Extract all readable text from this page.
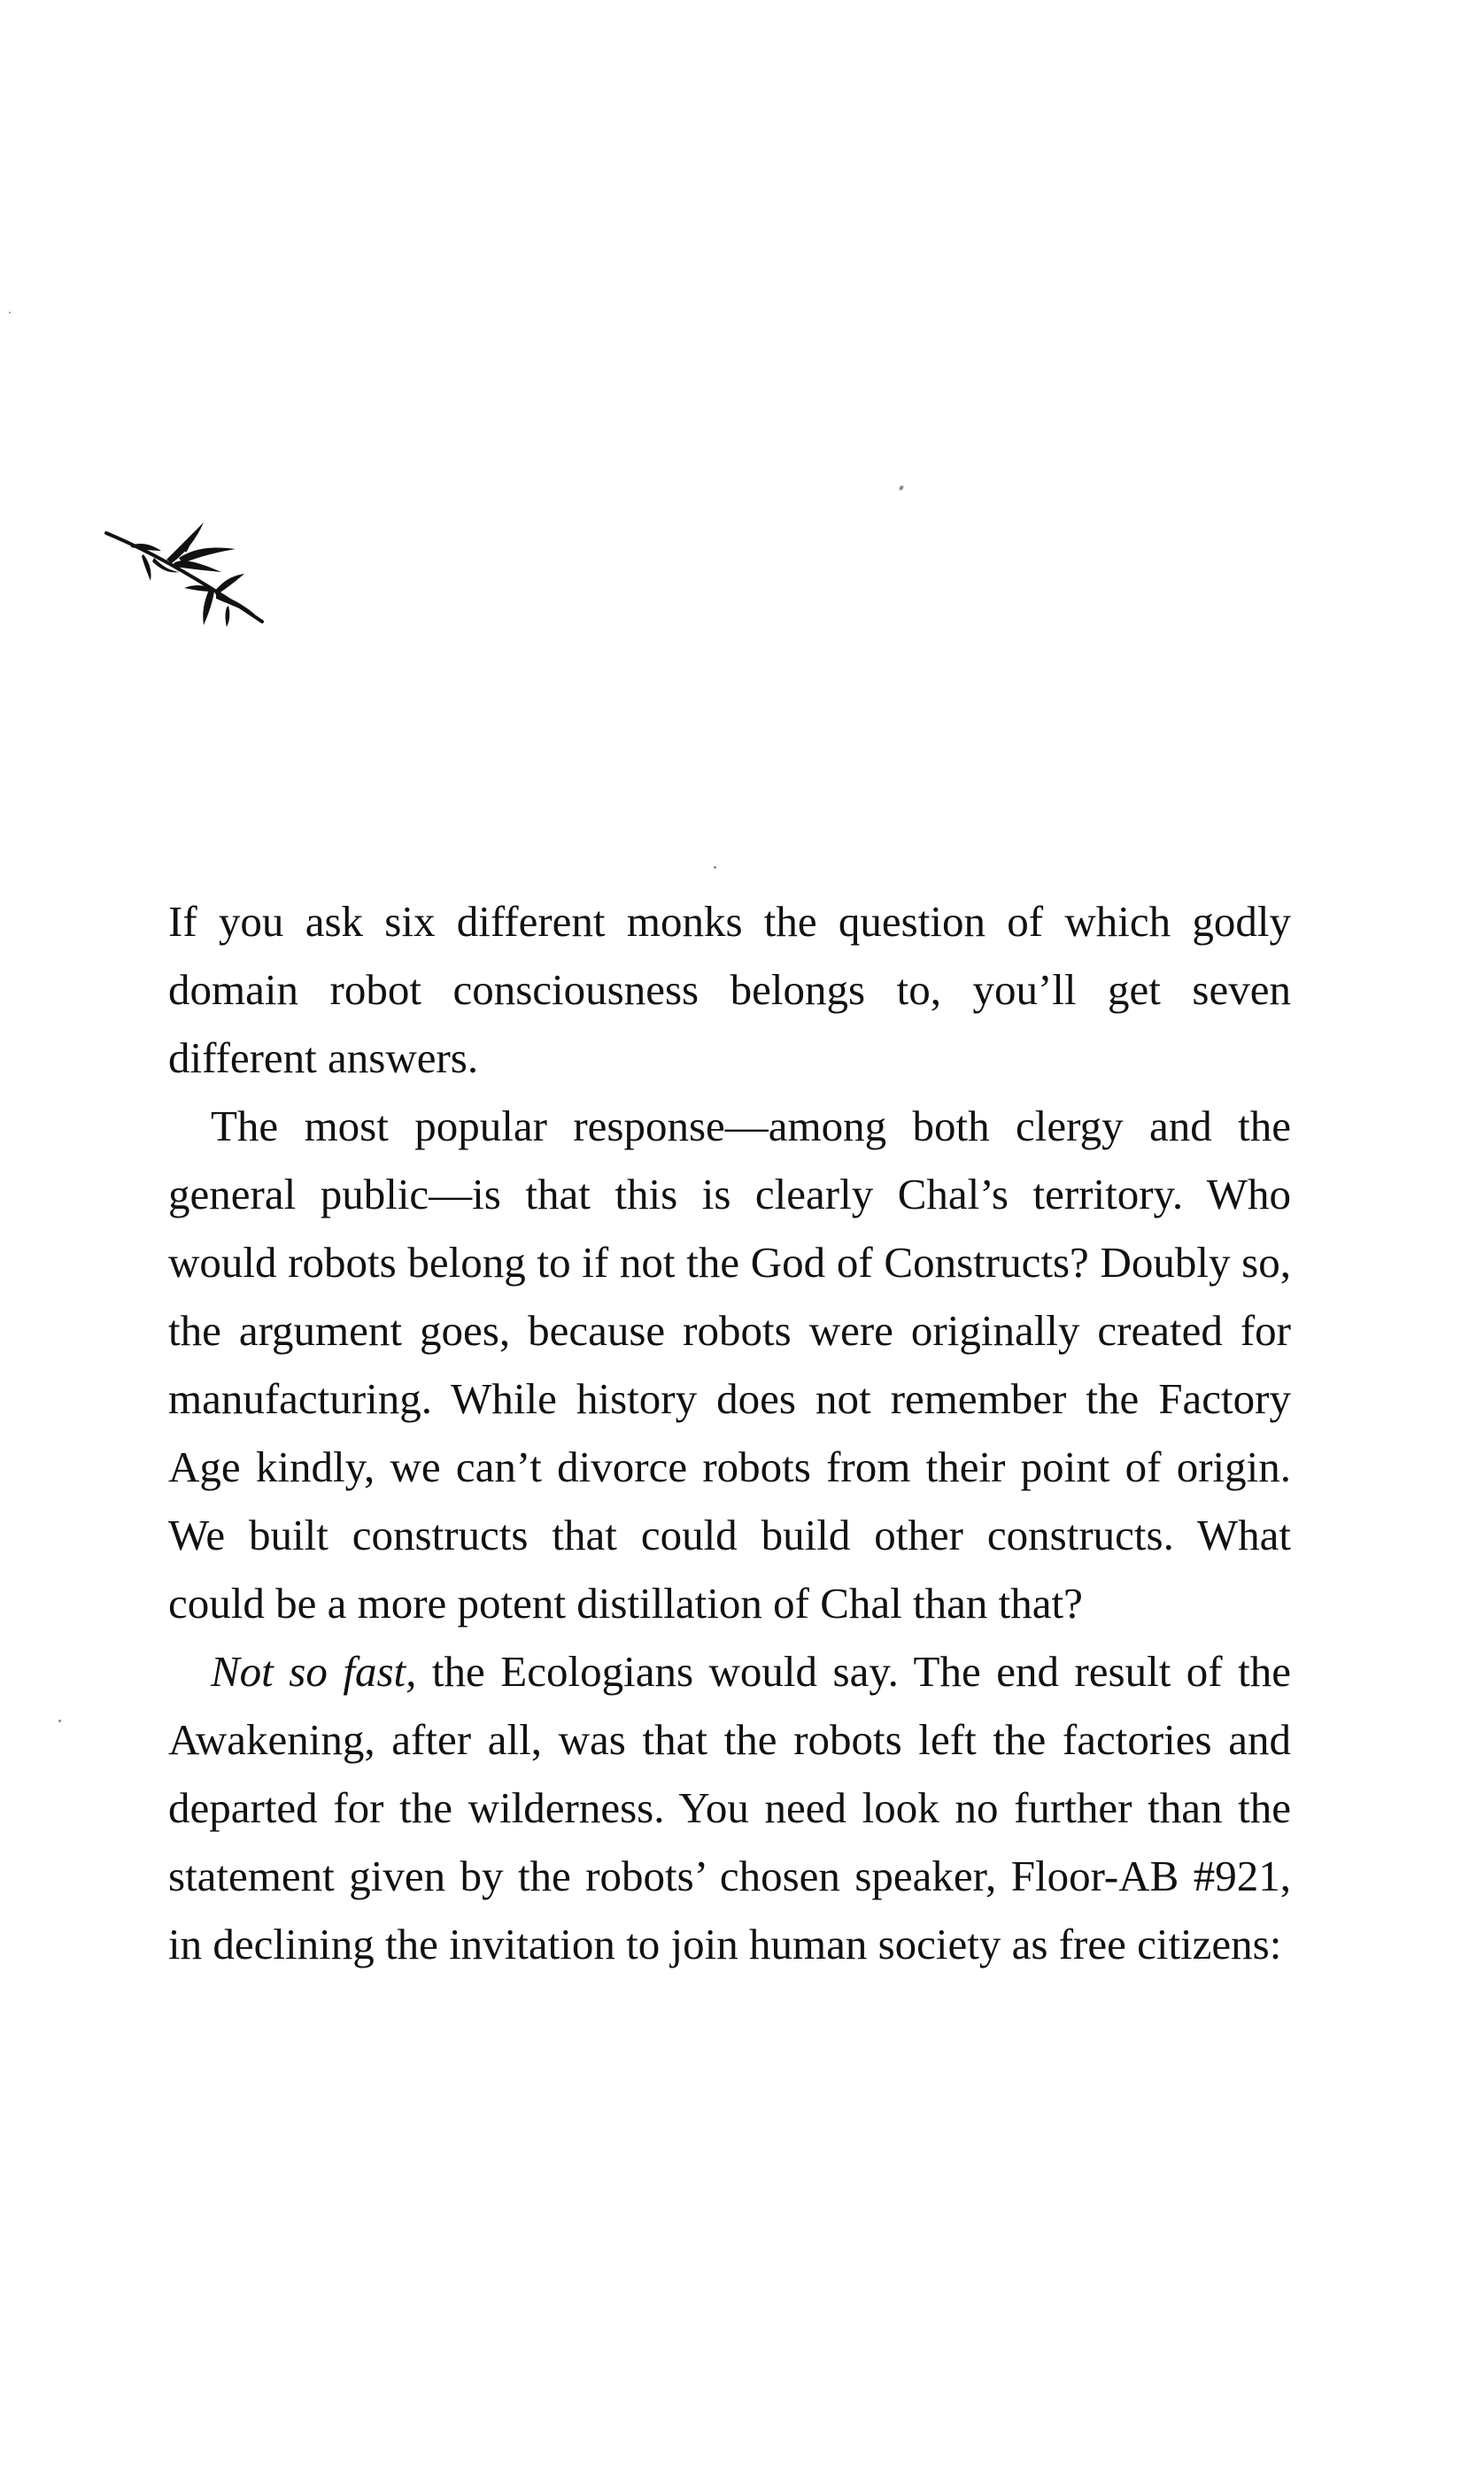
If you ask six different monks the question of which godly domain robot consciousness belongs to, you’ll get seven different answers.

The most popular response—among both clergy and the general public—is that this is clearly Chal’s territory. Who would robots belong to if not the God of Constructs? Doubly so, the argument goes, because robots were originally created for manufacturing. While history does not remember the Factory Age kindly, we can’t divorce robots from their point of origin. We built constructs that could build other constructs. What could be a more potent distillation of Chal than that?

Not so fast, the Ecologians would say. The end result of the Awakening, after all, was that the robots left the factories and departed for the wilderness. You need look no further than the statement given by the robots’ chosen speaker, Floor-AB #921, in declining the invitation to join human society as free citizens:
